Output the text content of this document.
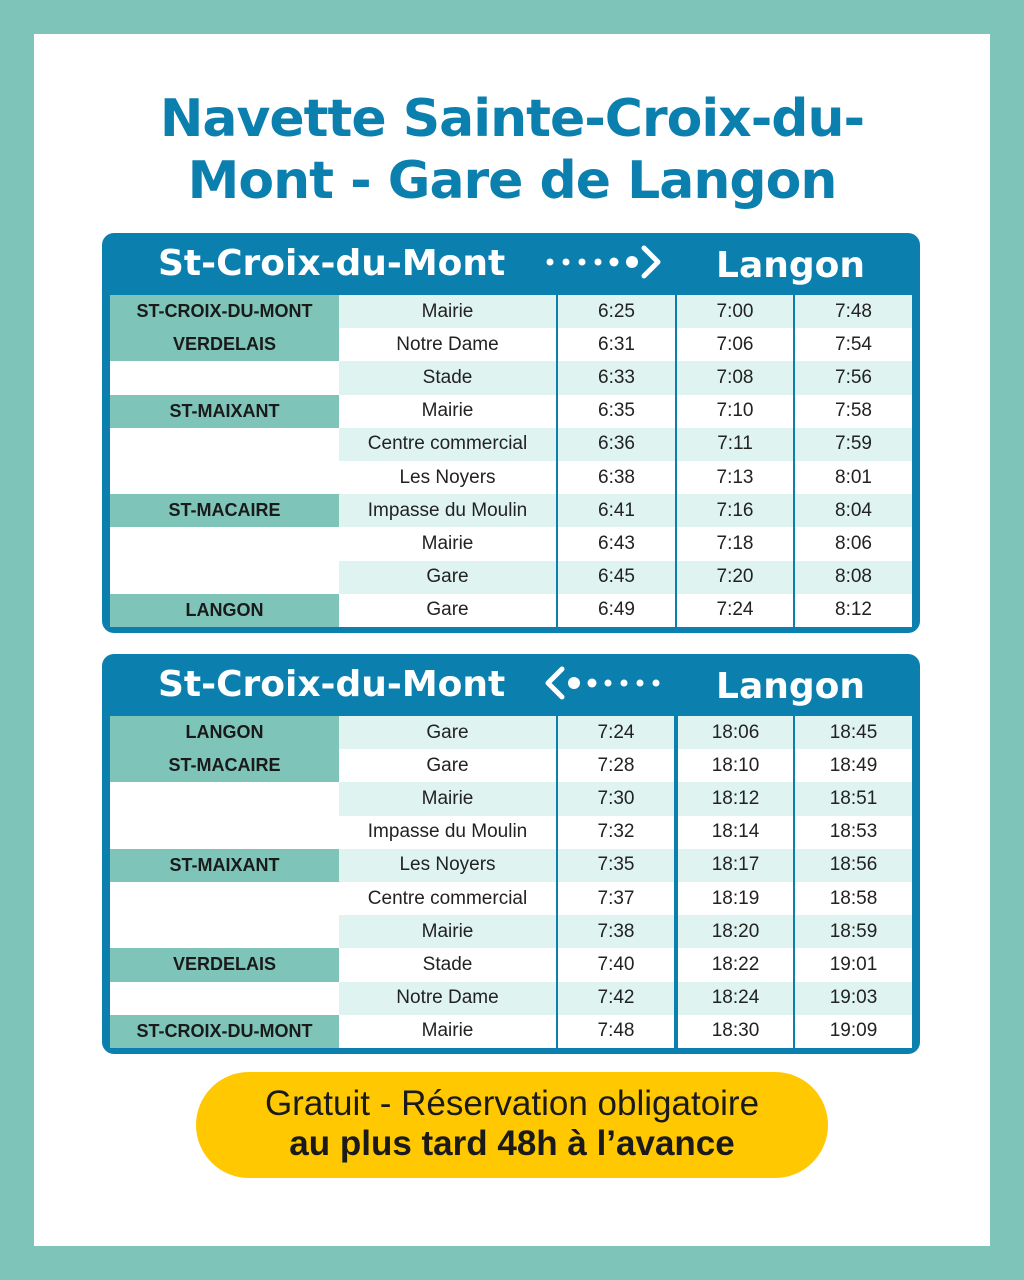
Navette Sainte-Croix-du-
Mont - Gare de Langon
St-Croix-du-Mont	Langon
ST-CROIX-DU-MONT	Mairie	6:25	7:00	7:48
VERDELAIS	Notre Dame	6:31	7:06	7:54
	Stade	6:33	7:08	7:56
ST-MAIXANT	Mairie	6:35	7:10	7:58
	Centre commercial	6:36	7:11	7:59
	Les Noyers	6:38	7:13	8:01
ST-MACAIRE	Impasse du Moulin	6:41	7:16	8:04
	Mairie	6:43	7:18	8:06
	Gare	6:45	7:20	8:08
LANGON	Gare	6:49	7:24	8:12
St-Croix-du-Mont	Langon
LANGON	Gare	7:24	18:06	18:45
ST-MACAIRE	Gare	7:28	18:10	18:49
	Mairie	7:30	18:12	18:51
	Impasse du Moulin	7:32	18:14	18:53
ST-MAIXANT	Les Noyers	7:35	18:17	18:56
	Centre commercial	7:37	18:19	18:58
	Mairie	7:38	18:20	18:59
VERDELAIS	Stade	7:40	18:22	19:01
	Notre Dame	7:42	18:24	19:03
ST-CROIX-DU-MONT	Mairie	7:48	18:30	19:09
Gratuit - Réservation obligatoire
au plus tard 48h à l’avance
